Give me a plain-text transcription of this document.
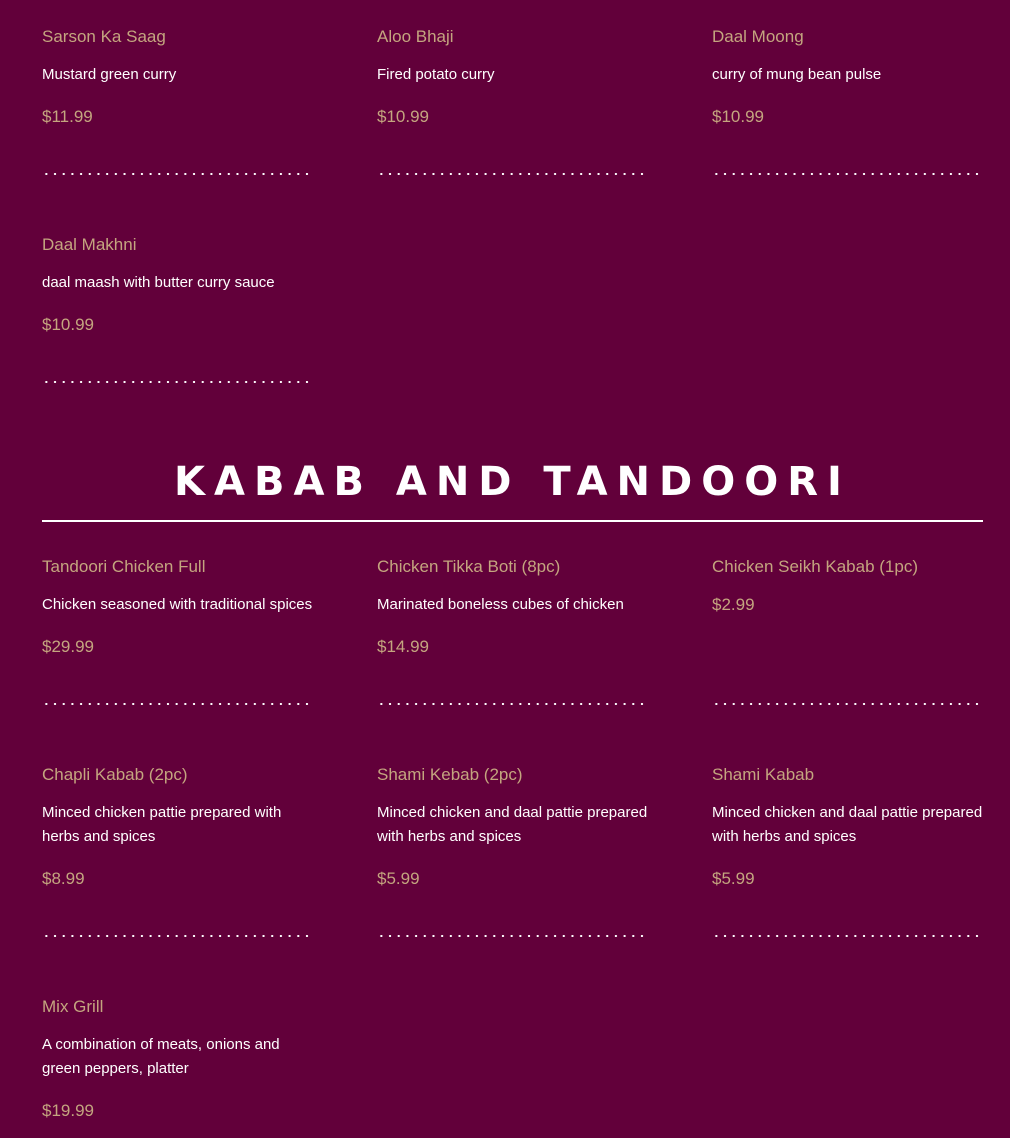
Sarson Ka Saag

Mustard green curry

$11.99

Aloo Bhaji

Fired potato curry

$10.99

Daal Moong

curry of mung bean pulse

$10.99

Daal Makhni

daal maash with butter curry sauce

$10.99

KABAB AND TANDOORI
Tandoori Chicken Full

Chicken seasoned with traditional spices

$29.99

Chicken Tikka Boti (8pc)

Marinated boneless cubes of chicken

$14.99

Chicken Seikh Kabab (1pc)

$2.99

Chapli Kabab (2pc)

Minced chicken pattie prepared with herbs and spices

$8.99

Shami Kebab (2pc)

Minced chicken and daal pattie prepared with herbs and spices

$5.99

Shami Kabab

Minced chicken and daal pattie prepared with herbs and spices

$5.99

Mix Grill

A combination of meats, onions and green peppers, platter

$19.99
